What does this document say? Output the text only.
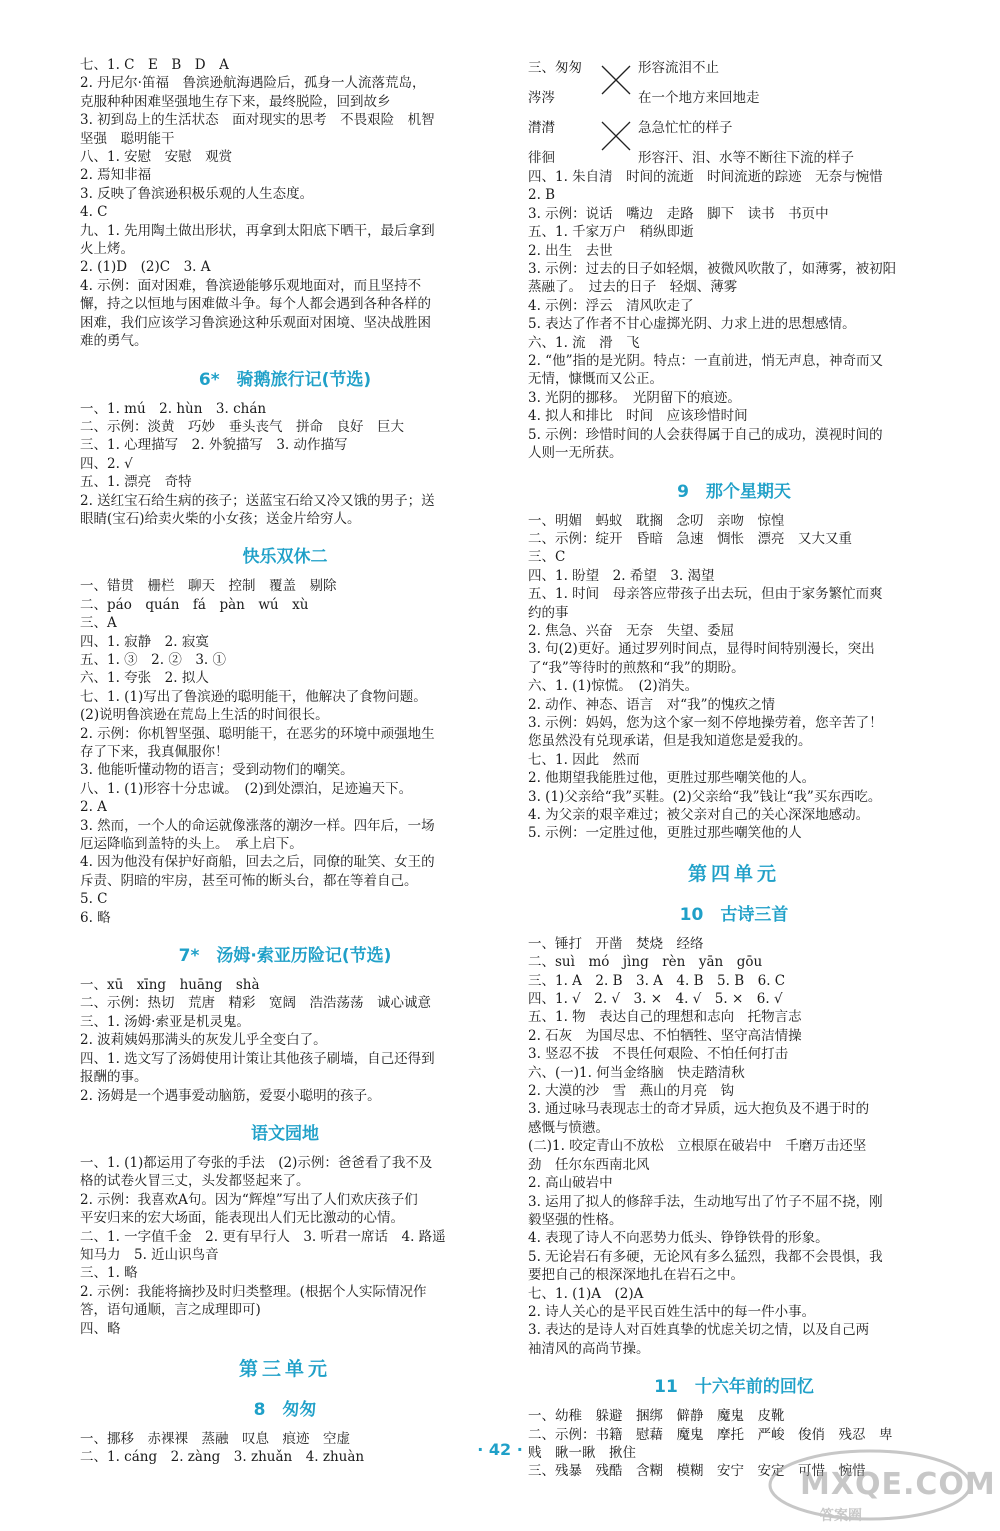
七、1. C　E　B　D　A
2. 丹尼尔·笛福　鲁滨逊航海遇险后，孤身一人流落荒岛，
克服种种困难坚强地生存下来，最终脱险，回到故乡
3. 初到岛上的生活状态　面对现实的思考　不畏艰险　机智
坚强　聪明能干
八、1. 安慰　安慰　观赏
2. 焉知非福
3. 反映了鲁滨逊积极乐观的人生态度。
4. C
九、1. 先用陶土做出形状，再拿到太阳底下晒干，最后拿到
火上烤。
2. (1)D　(2)C　3. A
4. 示例：面对困难，鲁滨逊能够乐观地面对，而且坚持不
懈，持之以恒地与困难做斗争。每个人都会遇到各种各样的
困难，我们应该学习鲁滨逊这种乐观面对困境、坚决战胜困
难的勇气。
6*　骑鹅旅行记(节选)
一、1. mú　2. hùn　3. chán
二、示例：淡黄　巧妙　垂头丧气　拼命　良好　巨大
三、1. 心理描写　2. 外貌描写　3. 动作描写
四、2. √
五、1. 漂亮　奇特
2. 送红宝石给生病的孩子；送蓝宝石给又冷又饿的男子；送
眼睛(宝石)给卖火柴的小女孩；送金片给穷人。
快乐双休二
一、错贯　栅栏　聊天　控制　覆盖　剔除
二、páo　quán　fá　pàn　wú　xù
三、A
四、1. 寂静　2. 寂寞
五、1. ③　2. ②　3. ①
六、1. 夸张　2. 拟人
七、1. (1)写出了鲁滨逊的聪明能干，他解决了食物问题。
(2)说明鲁滨逊在荒岛上生活的时间很长。
2. 示例：你机智坚强、聪明能干，在恶劣的环境中顽强地生
存了下来，我真佩服你！
3. 他能听懂动物的语言；受到动物们的嘲笑。
八、1. (1)形容十分忠诚。　(2)到处漂泊，足迹遍天下。
2. A
3. 然而，一个人的命运就像涨落的潮汐一样。四年后，一场
厄运降临到盖特的头上。　承上启下。
4. 因为他没有保护好商船，回去之后，同僚的耻笑、女王的
斥责、阴暗的牢房，甚至可怖的断头台，都在等着自己。
5. C
6. 略
7*　汤姆·索亚历险记(节选)
一、xū　xīng　huāng　shà
二、示例：热切　荒唐　精彩　宽阔　浩浩荡荡　诚心诚意
三、1. 汤姆·索亚是机灵鬼。
2. 波莉姨妈那满头的灰发儿乎全变白了。
四、1. 选文写了汤姆使用计策让其他孩子刷墙，自己还得到
报酬的事。
2. 汤姆是一个遇事爱动脑筋，爱耍小聪明的孩子。
语文园地
一、1. (1)都运用了夸张的手法　(2)示例：爸爸看了我不及
格的试卷火冒三丈，头发都竖起来了。
2. 示例：我喜欢A句。因为“辉煌”写出了人们欢庆孩子们
平安归来的宏大场面，能表现出人们无比激动的心情。
二、1. 一字值千金　2. 更有早行人　3. 听君一席话　4. 路遥
知马力　5. 近山识鸟音
三、1. 略
2. 示例：我能将摘抄及时归类整理。(根据个人实际情况作
答，语句通顺，言之成理即可)
四、略
第三单元
8　匆匆
一、挪移　赤裸裸　蒸融　叹息　痕迹　空虚
二、1. cáng　2. zàng　3. zhuǎn　4. zhuàn
三、匆匆
涔涔
潸潸
徘徊
形容流泪不止
在一个地方来回地走
急急忙忙的样子
形容汗、泪、水等不断往下流的样子
四、1. 朱自清　时间的流逝　时间流逝的踪迹　无奈与惋惜
2. B
3. 示例：说话　嘴边　走路　脚下　读书　书页中
五、1. 千家万户　稍纵即逝
2. 出生　去世
3. 示例：过去的日子如轻烟，被微风吹散了，如薄雾，被初阳
蒸融了。　过去的日子　轻烟、薄雾
4. 示例：浮云　清风吹走了
5. 表达了作者不甘心虚掷光阴、力求上进的思想感情。
六、1. 流　滑　飞
2. “他”指的是光阴。特点：一直前进，悄无声息，神奇而又
无情，慷慨而又公正。
3. 光阴的挪移。　光阴留下的痕迹。
4. 拟人和排比　时间　应该珍惜时间
5. 示例：珍惜时间的人会获得属于自己的成功，漠视时间的
人则一无所获。
9　那个星期天
一、明媚　蚂蚁　耽搁　念叨　亲吻　惊惶
二、示例：绽开　昏暗　急速　惆怅　漂亮　又大又重
三、C
四、1. 盼望　2. 希望　3. 渴望
五、1. 时间　母亲答应带孩子出去玩，但由于家务繁忙而爽
约的事
2. 焦急、兴奋　无奈　失望、委屈
3. 句(2)更好。通过罗列时间点，显得时间特别漫长，突出
了“我”等待时的煎熬和“我”的期盼。
六、1. (1)惊慌。　(2)消失。
2. 动作、神态、语言　对“我”的愧疚之情
3. 示例：妈妈，您为这个家一刻不停地操劳着，您辛苦了！
您虽然没有兑现承诺，但是我知道您是爱我的。
七、1. 因此　然而
2. 他期望我能胜过他，更胜过那些嘲笑他的人。
3. (1)父亲给“我”买鞋。(2)父亲给“我”钱让“我”买东西吃。
4. 为父亲的艰辛难过；被父亲对自己的关心深深地感动。
5. 示例：一定胜过他，更胜过那些嘲笑他的人
第四单元
10　古诗三首
一、锤打　开凿　焚烧　经络
二、suì　mó　jìng　rèn　yān　gōu
三、1. A　2. B　3. A　4. B　5. B　6. C
四、1. √　2. √　3. ×　4. √　5. ×　6. √
五、1. 物　表达自己的理想和志向　托物言志
2. 石灰　为国尽忠、不怕牺牲、坚守高洁情操
3. 竖忍不拔　不畏任何艰险、不怕任何打击
六、(一)1. 何当金络脑　快走踏清秋
2. 大漠的沙　雪　燕山的月亮　钩
3. 通过咏马表现志士的奇才异质，远大抱负及不遇于时的
感慨与愤懑。
(二)1. 咬定青山不放松　立根原在破岩中　千磨万击还坚
劲　任尔东西南北风
2. 高山破岩中
3. 运用了拟人的修辞手法，生动地写出了竹子不屈不挠，刚
毅坚强的性格。
4. 表现了诗人不向恶势力低头、铮铮铁骨的形象。
5. 无论岩石有多硬，无论风有多么猛烈，我都不会畏惧，我
要把自己的根深深地扎在岩石之中。
七、1. (1)A　(2)A
2. 诗人关心的是平民百姓生活中的每一件小事。
3. 表达的是诗人对百姓真挚的忧虑关切之情，以及自己两
袖清风的高尚节操。
11　十六年前的回忆
一、幼稚　躲避　捆绑　僻静　魔鬼　皮靴
二、示例：书籍　慰藉　魔鬼　摩托　严峻　俊俏　残忍　卑
贱　瞅一瞅　揪住
三、残暴　残酷　含糊　模糊　安宁　安定　可惜　惋惜
· 42 ·
MXQE.COM
答案圈
